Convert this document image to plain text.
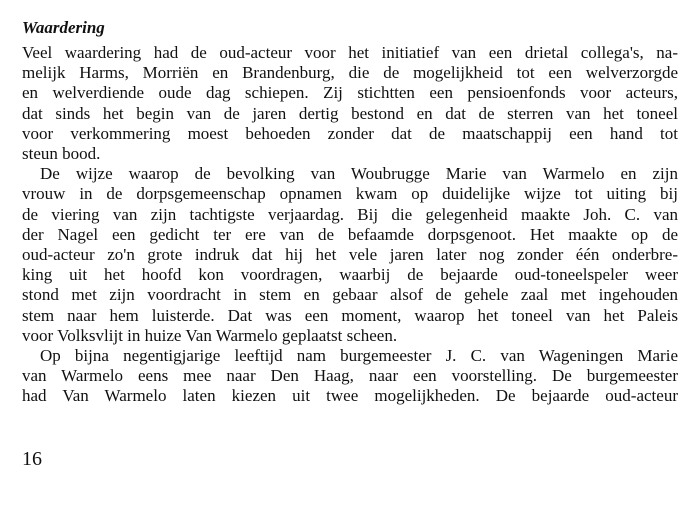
Waardering
Veel waardering had de oud-acteur voor het initiatief van een drietal collega's, na-
melijk Harms, Morriën en Brandenburg, die de mogelijkheid tot een welverzorgde
en welverdiende oude dag schiepen. Zij stichtten een pensioenfonds voor acteurs,
dat sinds het begin van de jaren dertig bestond en dat de sterren van het toneel
voor verkommering moest behoeden zonder dat de maatschappij een hand tot
steun bood.
De wijze waarop de bevolking van Woubrugge Marie van Warmelo en zijn
vrouw in de dorpsgemeenschap opnamen kwam op duidelijke wijze tot uiting bij
de viering van zijn tachtigste verjaardag. Bij die gelegenheid maakte Joh. C. van
der Nagel een gedicht ter ere van de befaamde dorpsgenoot. Het maakte op de
oud-acteur zo'n grote indruk dat hij het vele jaren later nog zonder één onderbre-
king uit het hoofd kon voordragen, waarbij de bejaarde oud-toneelspeler weer
stond met zijn voordracht in stem en gebaar alsof de gehele zaal met ingehouden
stem naar hem luisterde. Dat was een moment, waarop het toneel van het Paleis
voor Volksvlijt in huize Van Warmelo geplaatst scheen.
Op bijna negentigjarige leeftijd nam burgemeester J. C. van Wageningen Marie
van Warmelo eens mee naar Den Haag, naar een voorstelling. De burgemeester
had Van Warmelo laten kiezen uit twee mogelijkheden. De bejaarde oud-acteur
16
